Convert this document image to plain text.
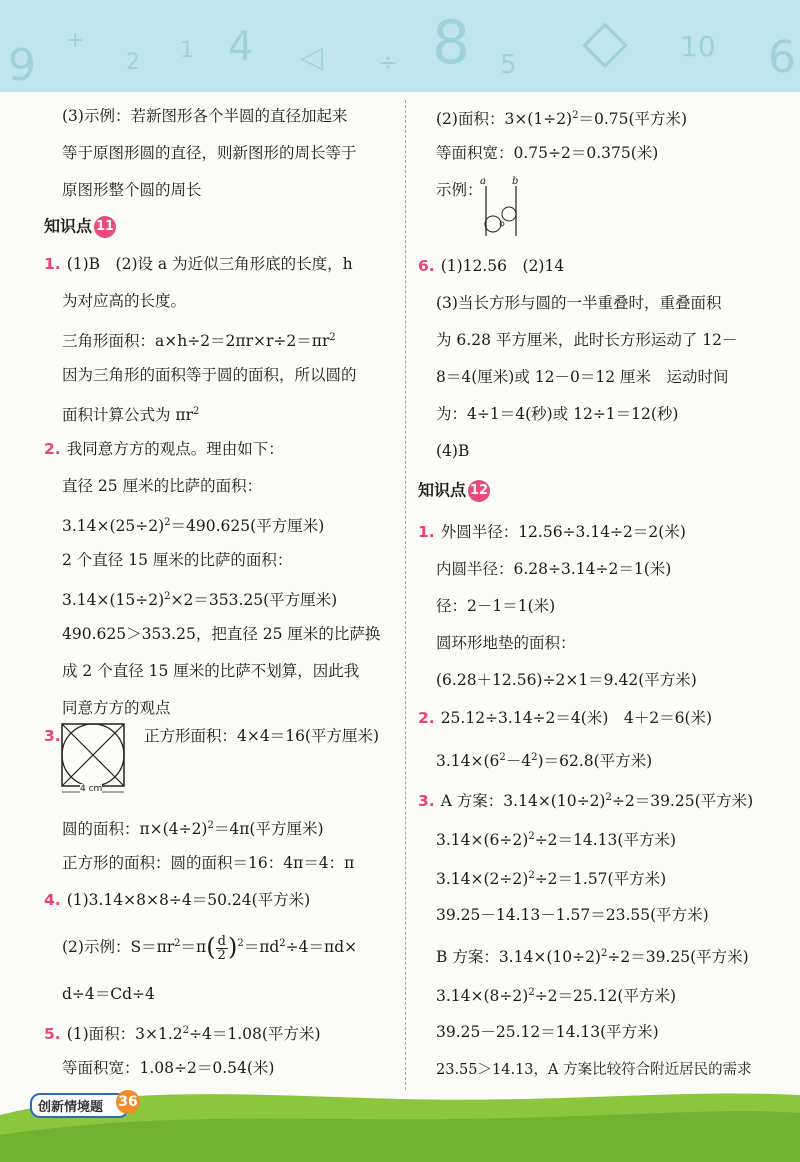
9 +
2 1 4 ◁ ÷ 8 5 ◇ 10 6
(3)示例：若新图形各个半圆的直径加起来
等于原图形圆的直径，则新图形的周长等于
原图形整个圆的周长
知识点 11
1. (1)B　(2)设 a 为近似三角形底的长度，h
为对应高的长度。
三角形面积：$a\times h\div 2=2\pi r\times r\div 2=\pi r^2$
因为三角形的面积等于圆的面积，所以圆的
面积计算公式为 $\pi r^2$
2. 我同意方方的观点。理由如下：
直径 25 厘米的比萨的面积：
$3.14\times(25\div 2)^2=490.625$(平方厘米)
2 个直径 15 厘米的比萨的面积：
$3.14\times(15\div 2)^2\times 2=353.25$(平方厘米)
490.625＞353.25，把直径 25 厘米的比萨换
成 2 个直径 15 厘米的比萨不划算，因此我
同意方方的观点
3.
4 cm
正方形面积：4×4＝16(平方厘米)
圆的面积：$\pi\times(4\div 2)^2=4\pi$(平方厘米)
正方形的面积：圆的面积＝16：4π＝4：π
4. (1)3.14×8×8÷4＝50.24(平方米)
(2)示例：$S=\pi r^2=\pi( \frac{d}{2} )^2=\pi d^2\div 4=\pi d\times$
d÷4＝Cd÷4
5. (1)面积：$3\times 1.2^2\div 4=1.08$(平方米)
等面积宽：1.08÷2＝0.54(米)
(2)面积：$3\times(1\div 2)^2=0.75$(平方米)
等面积宽：0.75÷2＝0.375(米)
示例：
a	b
6. (1)12.56　(2)14
(3)当长方形与圆的一半重叠时，重叠面积
为 6.28 平方厘米，此时长方形运动了 12－
8＝4(厘米)或 12－0＝12 厘米　运动时间
为：4÷1＝4(秒)或 12÷1＝12(秒)
(4)B
知识点 12
1. 外圆半径：12.56÷3.14÷2＝2(米)
内圆半径：6.28÷3.14÷2＝1(米)
径：2－1＝1(米)
圆环形地垫的面积：
(6.28＋12.56)÷2×1＝9.42(平方米)
2. 25.12÷3.14÷2＝4(米)　4＋2＝6(米)
$3.14\times(6^2-4^2)=62.8$(平方米)
3. A 方案：$3.14\times(10\div 2)^2\div 2=39.25$(平方米)
$3.14\times(6\div 2)^2\div 2=14.13$(平方米)
$3.14\times(2\div 2)^2\div 2=1.57$(平方米)
39.25－14.13－1.57＝23.55(平方米)
B 方案：$3.14\times(10\div 2)^2\div 2=39.25$(平方米)
$3.14\times(8\div 2)^2\div 2=25.12$(平方米)
39.25－25.12＝14.13(平方米)
23.55＞14.13，A 方案比较符合附近居民的需求
创新情境题	36
